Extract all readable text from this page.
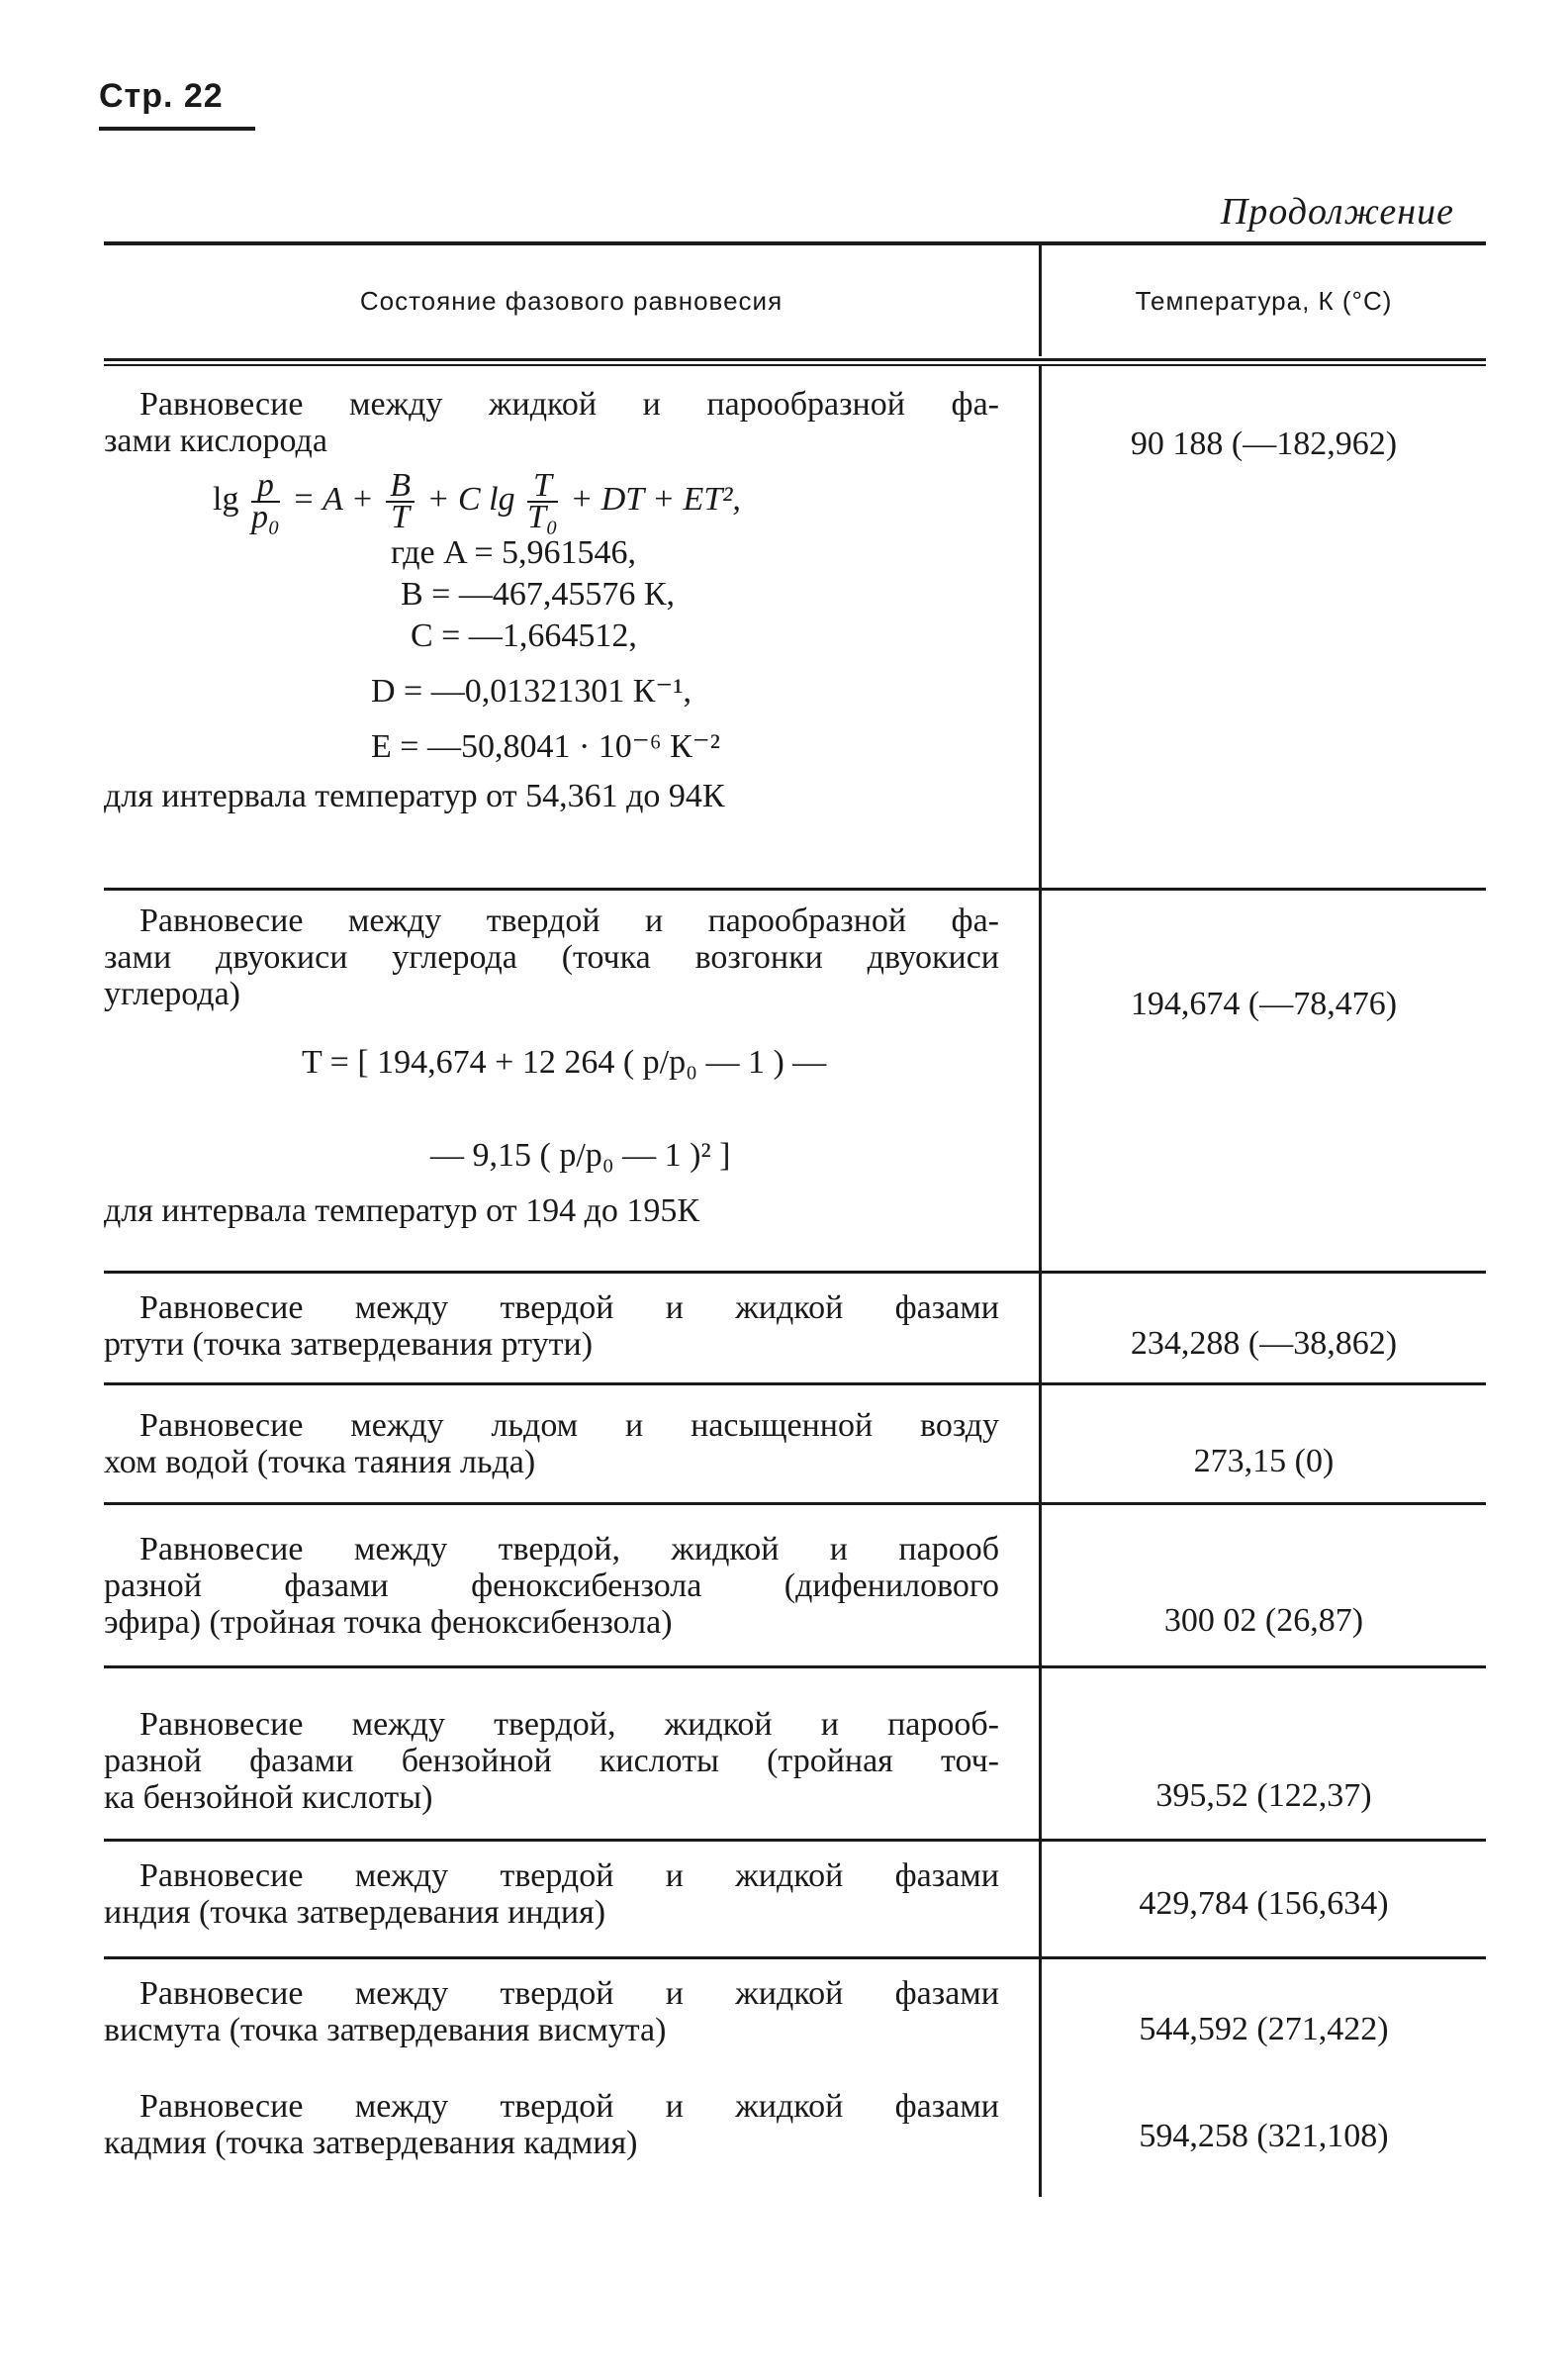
Стр. 22
Продолжение
Состояние фазового равновесия	Температура, К (°С)
Равновесие между жидкой и парообразной фа-
зами кислорода
$\lg \frac{p}{\text{p₀}} = A + \frac{B}{T} + C$ $\lg \frac{T}{\text{T₀}}$ + DT + ET²,
где A = 5,961546,
B = —467,45576 К,
C = —1,664512,
D = —0,01321301 К⁻¹,
E = —50,8041 · 10⁻⁶ К⁻²
для интервала температур от 54,361 до 94К
90 188 (—182,962)
Равновесие между твердой и парообразной фа-
зами двуокиси углерода (точка возгонки двуокиси
углерода)
T = [ 194,674 + 12 264 ( p/p₀ — 1 ) —
— 9,15 ( p/p₀ — 1 )² ]
для интервала температур от 194 до 195К
194,674 (—78,476)
Равновесие между твердой и жидкой фазами
ртути (точка затвердевания ртути)	234,288 (—38,862)
Равновесие между льдом и насыщенной возду
хом водой (точка таяния льда)	273,15 (0)
Равновесие между твердой, жидкой и парооб
разной фазами феноксибензола (дифенилового
эфира) (тройная точка феноксибензола)	300 02 (26,87)
Равновесие между твердой, жидкой и парооб-
разной фазами бензойной кислоты (тройная точ-
ка бензойной кислоты)	395,52 (122,37)
Равновесие между твердой и жидкой фазами
индия (точка затвердевания индия)	429,784 (156,634)
Равновесие между твердой и жидкой фазами
висмута (точка затвердевания висмута)	544,592 (271,422)
Равновесие между твердой и жидкой фазами
кадмия (точка затвердевания кадмия)	594,258 (321,108)
